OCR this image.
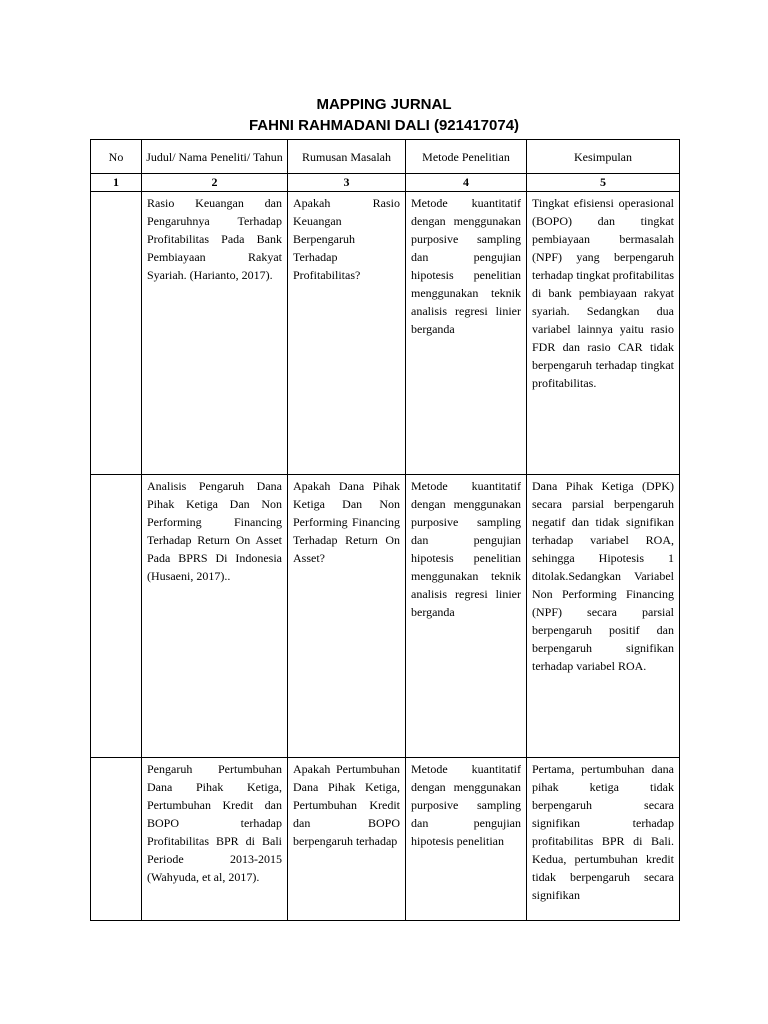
MAPPING JURNAL
FAHNI RAHMADANI DALI (921417074)
No	Judul/ Nama Peneliti/ Tahun	Rumusan Masalah	Metode Penelitian	Kesimpulan
1	2	3	4	5
	Rasio Keuangan dan Pengaruhnya Terhadap Profitabilitas Pada Bank Pembiayaan Rakyat Syariah. (Harianto, 2017).	Apakah Rasio Keuangan Berpengaruh Terhadap Profitabilitas?	Metode kuantitatif dengan menggunakan purposive sampling dan pengujian hipotesis penelitian menggunakan teknik analisis regresi linier berganda	Tingkat efisiensi operasional (BOPO) dan tingkat pembiayaan bermasalah (NPF) yang berpengaruh terhadap tingkat profitabilitas di bank pembiayaan rakyat syariah. Sedangkan dua variabel lainnya yaitu rasio FDR dan rasio CAR tidak berpengaruh terhadap tingkat profitabilitas.
	Analisis Pengaruh Dana Pihak Ketiga Dan Non Performing Financing Terhadap Return On Asset Pada BPRS Di Indonesia (Husaeni, 2017)..	Apakah Dana Pihak Ketiga Dan Non Performing Financing Terhadap Return On Asset?	Metode kuantitatif dengan menggunakan purposive sampling dan pengujian hipotesis penelitian menggunakan teknik analisis regresi linier berganda	Dana Pihak Ketiga (DPK) secara parsial berpengaruh negatif dan tidak signifikan terhadap variabel ROA, sehingga Hipotesis 1 ditolak.Sedangkan Variabel Non Performing Financing (NPF) secara parsial berpengaruh positif dan berpengaruh signifikan terhadap variabel ROA.

	Pengaruh Pertumbuhan Dana Pihak Ketiga, Pertumbuhan Kredit dan BOPO terhadap Profitabilitas BPR di Bali Periode 2013-2015 (Wahyuda, et al, 2017).	Apakah Pertumbuhan Dana Pihak Ketiga, Pertumbuhan Kredit dan BOPO berpengaruh terhadap	Metode kuantitatif dengan menggunakan purposive sampling dan pengujian hipotesis penelitian	Pertama, pertumbuhan dana pihak ketiga tidak berpengaruh secara signifikan terhadap profitabilitas BPR di Bali. Kedua, pertumbuhan kredit tidak berpengaruh secara signifikan
